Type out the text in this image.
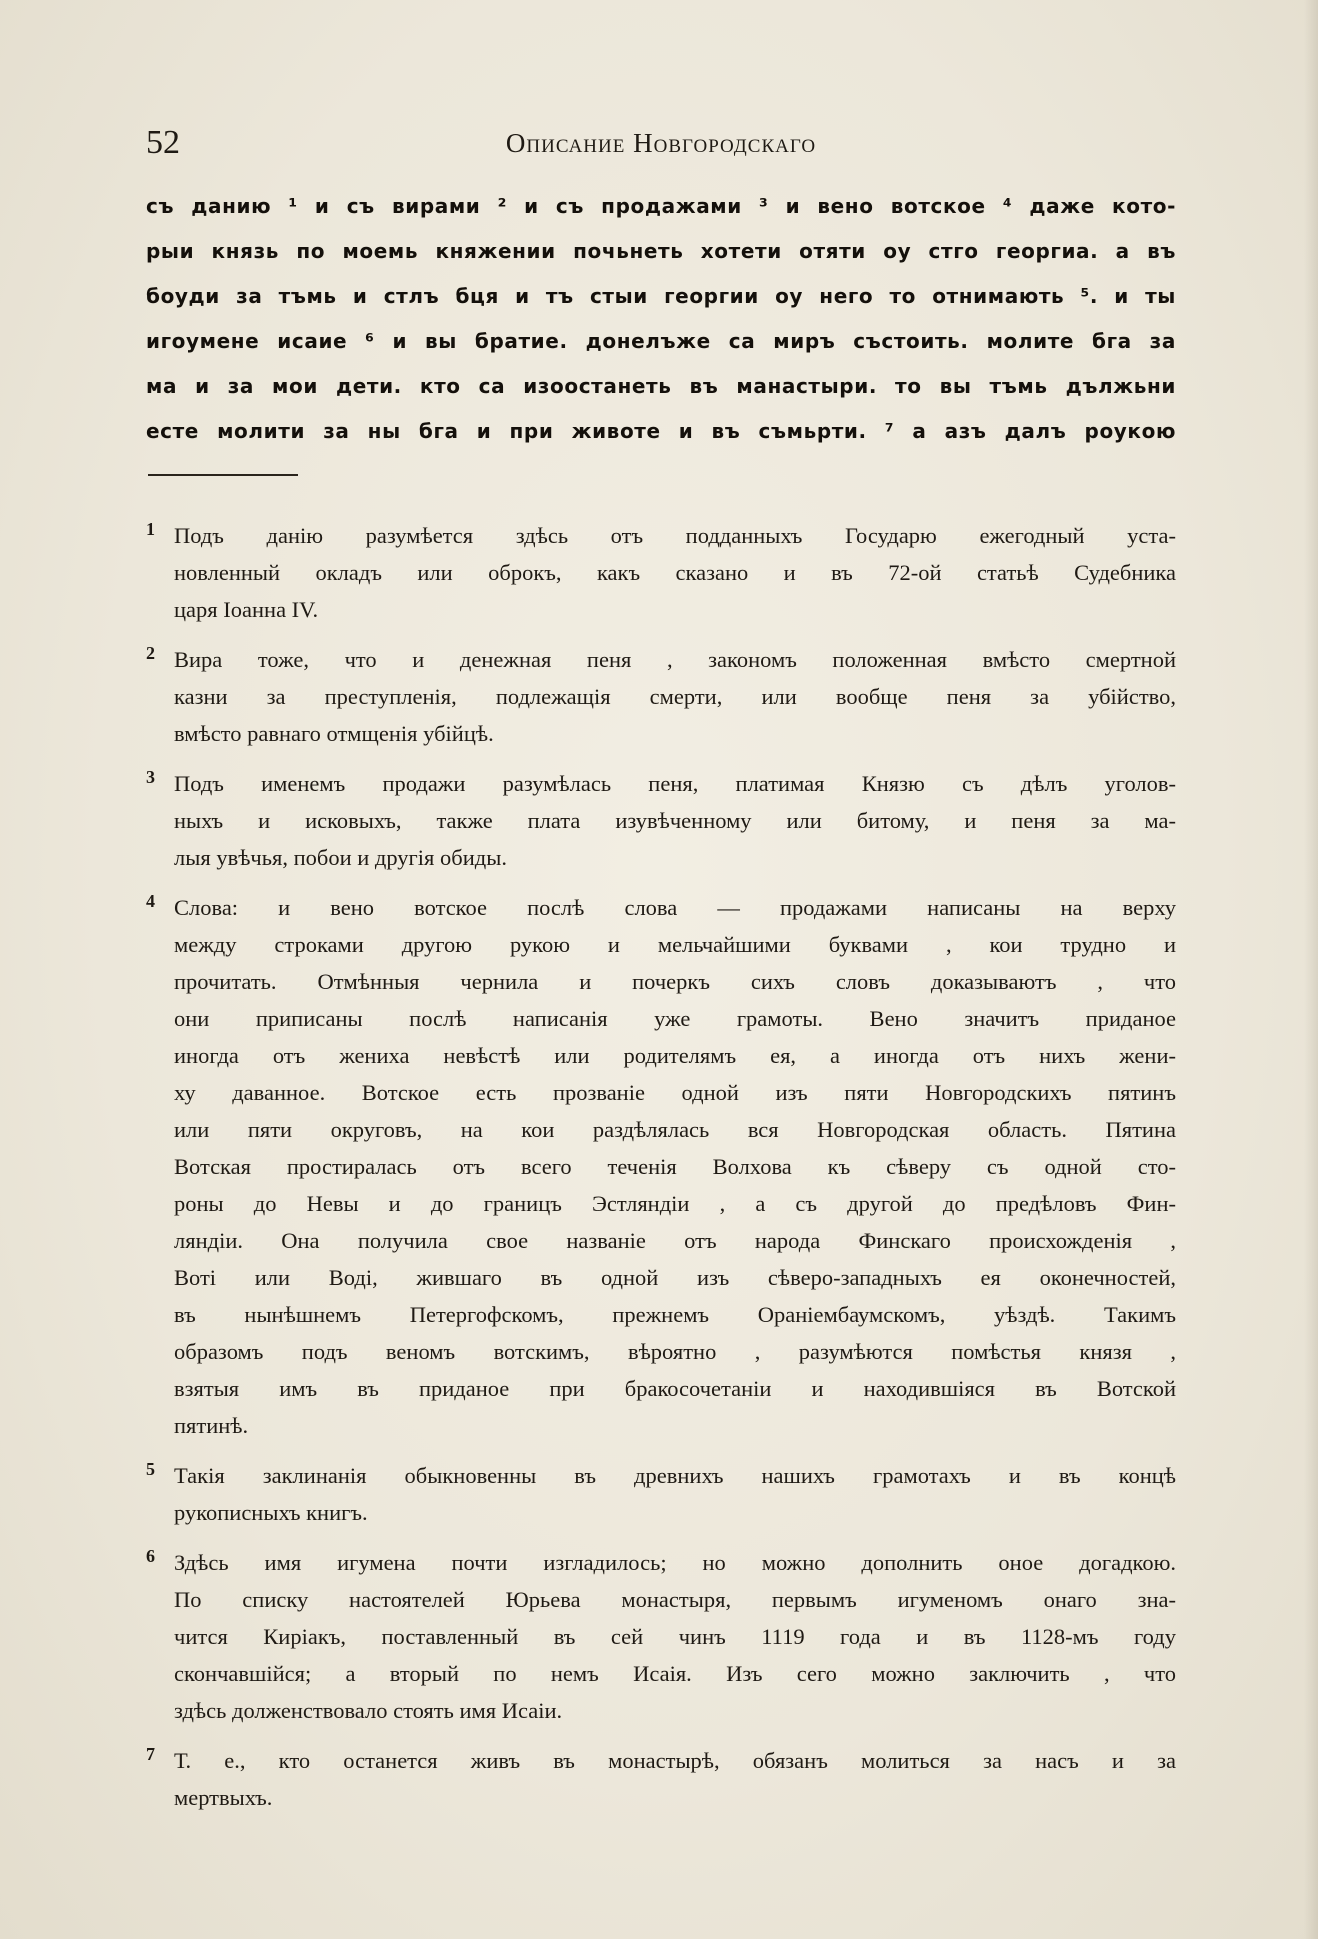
52	Описание Новгородскаго
съ данию ¹ и съ вирами ² и съ продажами ³ и вено вотское ⁴ даже кото-
рыи князь по моемь княжении почьнеть хотети отяти оу стго георгиа. а въ
боуди за тъмь и стлъ бця и тъ стыи георгии оу него то отнимають ⁵. и ты
игоумене исаие ⁶ и вы братие. донелъже са миръ състоить. молите бга за
ма и за мои дети. кто са изоостанеть въ манастыри. то вы тъмь дължьни
есте молити за ны бга и при животе и въ съмьрти. ⁷ а азъ далъ роукою
1 Подъ данiю разумѣется здѣсь отъ подданныхъ Государю ежегодный уста-
новленный окладъ или оброкъ, какъ сказано и въ 72-ой статьѣ Судебника
царя Іоанна IV.
2 Вира тоже, что и денежная пеня , закономъ положенная вмѣсто смертной
казни за преступленiя, подлежащiя смерти, или вообще пеня за убiйство,
вмѣсто равнаго отмщенiя убiйцѣ.
3 Подъ именемъ продажи разумѣлась пеня, платимая Князю съ дѣлъ уголов-
ныхъ и исковыхъ, также плата изувѣченному или битому, и пеня за ма-
лыя увѣчья, побои и другiя обиды.
4 Слова: и вено вотское послѣ слова — продажами написаны на верху
между строками другою рукою и мельчайшими буквами , кои трудно и
прочитать. Отмѣнныя чернила и почеркъ сихъ словъ доказываютъ , что
они приписаны послѣ написанiя уже грамоты. Вено значитъ приданое
иногда отъ жениха невѣстѣ или родителямъ ея, а иногда отъ нихъ жени-
ху даванное. Вотское есть прозванiе одной изъ пяти Новгородскихъ пятинъ
или пяти округовъ, на кои раздѣлялась вся Новгородская область. Пятина
Вотская простиралась отъ всего теченiя Волхова къ сѣверу съ одной сто-
роны до Невы и до границъ Эстляндiи , а съ другой до предѣловъ Фин-
ляндiи. Она получила свое названiе отъ народа Финскаго происхожденiя ,
Вотi или Водi, жившаго въ одной изъ сѣверо-западныхъ ея оконечностей,
въ нынѣшнемъ Петергофскомъ, прежнемъ Ораніембаумскомъ, уѣздѣ. Такимъ
образомъ подъ веномъ вотскимъ, вѣроятно , разумѣются помѣстья князя ,
взятыя имъ въ приданое при бракосочетанiи и находившiяся въ Вотской
пятинѣ.
5 Такiя заклинанiя обыкновенны въ древнихъ нашихъ грамотахъ и въ концѣ
рукописныхъ книгъ.
6 Здѣсь имя игумена почти изгладилось; но можно дополнить оное догадкою.
По списку настоятелей Юрьева монастыря, первымъ игуменомъ онаго зна-
чится Кирiакъ, поставленный въ сей чинъ 1119 года и въ 1128-мъ году
скончавшiйся; а вторый по немъ Исаiя. Изъ сего можно заключить , что
здѣсь долженствовало стоять имя Исаiи.
7 Т. е., кто останется живъ въ монастырѣ, обязанъ молиться за насъ и за
мертвыхъ.
